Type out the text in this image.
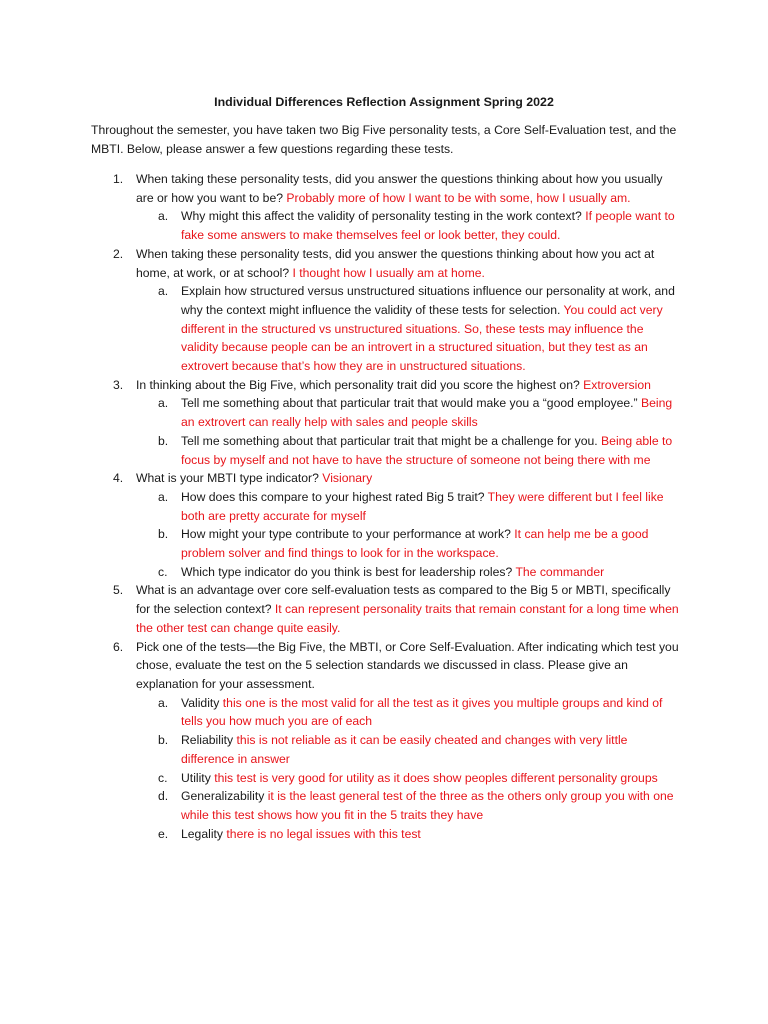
Individual Differences Reflection Assignment Spring 2022
Throughout the semester, you have taken two Big Five personality tests, a Core Self-Evaluation test, and the MBTI. Below, please answer a few questions regarding these tests.
1. When taking these personality tests, did you answer the questions thinking about how you usually are or how you want to be? Probably more of how I want to be with some, how I usually am.
a. Why might this affect the validity of personality testing in the work context? If people want to fake some answers to make themselves feel or look better, they could.
2. When taking these personality tests, did you answer the questions thinking about how you act at home, at work, or at school? I thought how I usually am at home.
a. Explain how structured versus unstructured situations influence our personality at work, and why the context might influence the validity of these tests for selection. You could act very different in the structured vs unstructured situations. So, these tests may influence the validity because people can be an introvert in a structured situation, but they test as an extrovert because that’s how they are in unstructured situations.
3. In thinking about the Big Five, which personality trait did you score the highest on? Extroversion
a. Tell me something about that particular trait that would make you a “good employee.” Being an extrovert can really help with sales and people skills
b. Tell me something about that particular trait that might be a challenge for you. Being able to focus by myself and not have to have the structure of someone not being there with me
4. What is your MBTI type indicator? Visionary
a. How does this compare to your highest rated Big 5 trait? They were different but I feel like both are pretty accurate for myself
b. How might your type contribute to your performance at work? It can help me be a good problem solver and find things to look for in the workspace.
c. Which type indicator do you think is best for leadership roles? The commander
5. What is an advantage over core self-evaluation tests as compared to the Big 5 or MBTI, specifically for the selection context? It can represent personality traits that remain constant for a long time when the other test can change quite easily.
6. Pick one of the tests—the Big Five, the MBTI, or Core Self-Evaluation. After indicating which test you chose, evaluate the test on the 5 selection standards we discussed in class. Please give an explanation for your assessment.
a. Validity this one is the most valid for all the test as it gives you multiple groups and kind of tells you how much you are of each
b. Reliability this is not reliable as it can be easily cheated and changes with very little difference in answer
c. Utility this test is very good for utility as it does show peoples different personality groups
d. Generalizability it is the least general test of the three as the others only group you with one while this test shows how you fit in the 5 traits they have
e. Legality there is no legal issues with this test
